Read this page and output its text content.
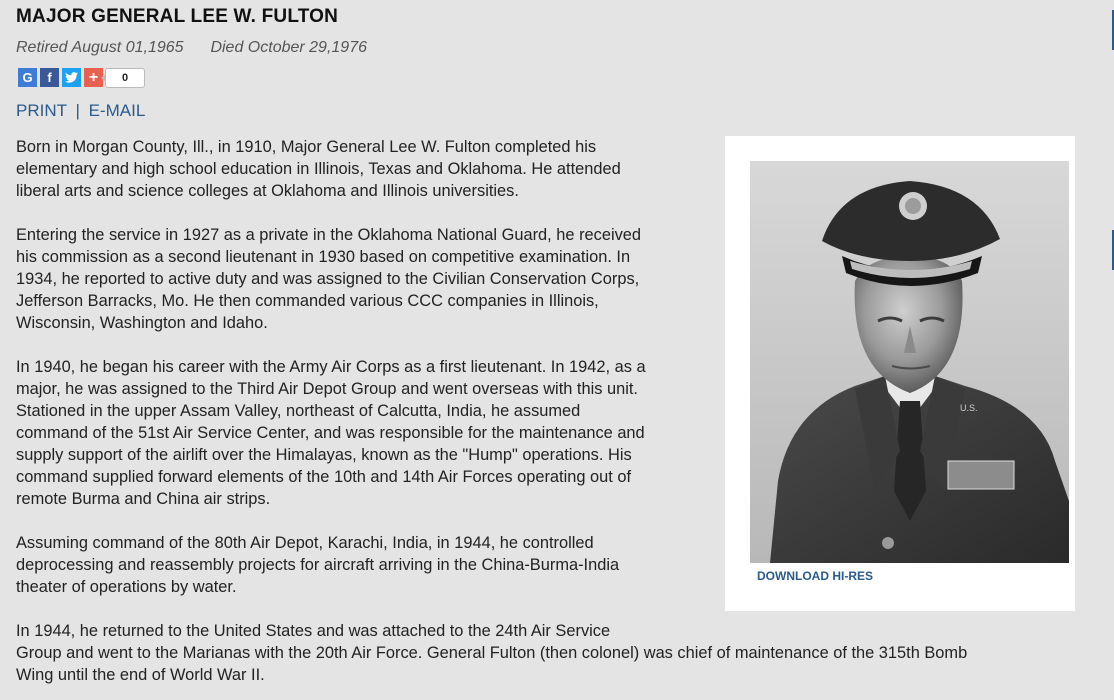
MAJOR GENERAL LEE W. FULTON
Retired August 01,1965 Died October 29,1976
G f +	0
PRINT | E-MAIL

Born in Morgan County, Ill., in 1910, Major General Lee W. Fulton completed his
elementary and high school education in Illinois, Texas and Oklahoma. He attended
liberal arts and science colleges at Oklahoma and Illinois universities.

Entering the service in 1927 as a private in the Oklahoma National Guard, he received
his commission as a second lieutenant in 1930 based on competitive examination. In
1934, he reported to active duty and was assigned to the Civilian Conservation Corps,
Jefferson Barracks, Mo. He then commanded various CCC companies in Illinois,
Wisconsin, Washington and Idaho.

In 1940, he began his career with the Army Air Corps as a first lieutenant. In 1942, as a
major, he was assigned to the Third Air Depot Group and went overseas with this unit.
Stationed in the upper Assam Valley, northeast of Calcutta, India, he assumed
command of the 51st Air Service Center, and was responsible for the maintenance and
supply support of the airlift over the Himalayas, known as the "Hump" operations. His
command supplied forward elements of the 10th and 14th Air Forces operating out of
remote Burma and China air strips.

Assuming command of the 80th Air Depot, Karachi, India, in 1944, he controlled
deprocessing and reassembly projects for aircraft arriving in the China-Burma-India
theater of operations by water.

In 1944, he returned to the United States and was attached to the 24th Air Service
Group and went to the Marianas with the 20th Air Force. General Fulton (then colonel) was chief of maintenance of the 315th Bomb
Wing until the end of World War II.

U.S.
DOWNLOAD HI-RES
